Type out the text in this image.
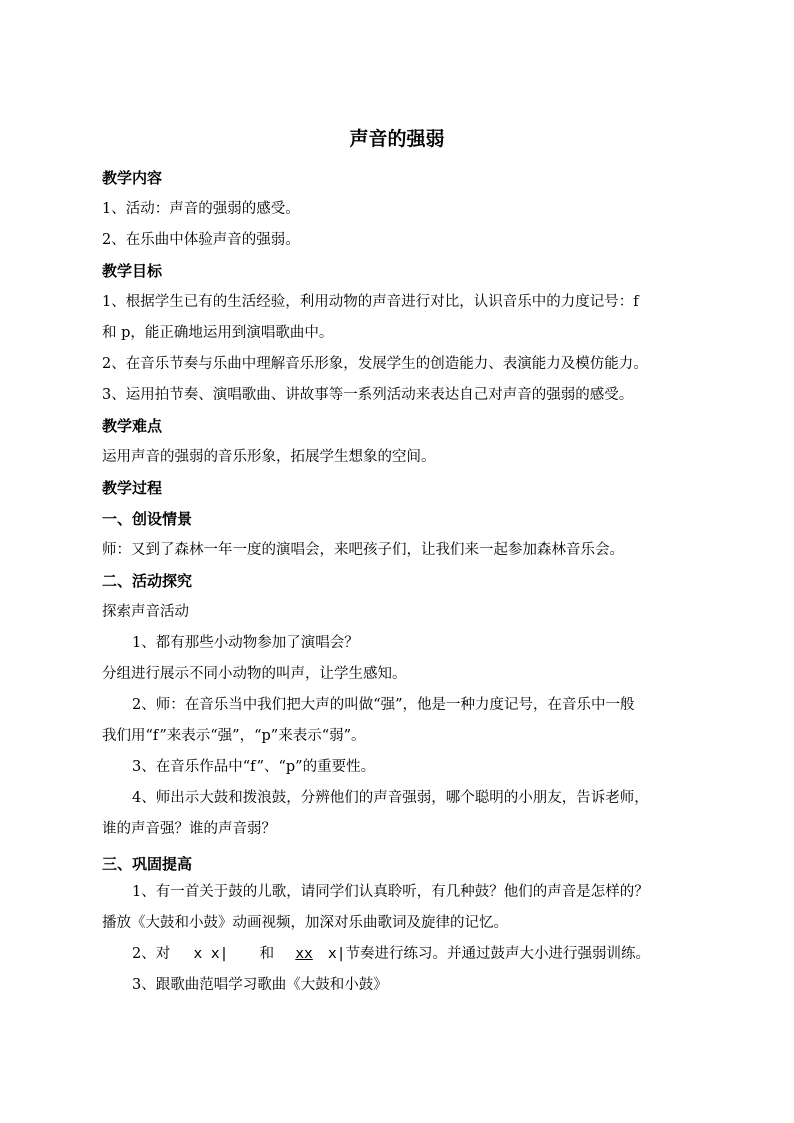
声音的强弱
教学内容
1、活动：声音的强弱的感受。
2、在乐曲中体验声音的强弱。
教学目标
1、根据学生已有的生活经验，利用动物的声音进行对比，认识音乐中的力度记号：f
和 p，能正确地运用到演唱歌曲中。
2、在音乐节奏与乐曲中理解音乐形象，发展学生的创造能力、表演能力及模仿能力。
3、运用拍节奏、演唱歌曲、讲故事等一系列活动来表达自己对声音的强弱的感受。
教学难点
运用声音的强弱的音乐形象，拓展学生想象的空间。
教学过程
一、创设情景
师：又到了森林一年一度的演唱会，来吧孩子们，让我们来一起参加森林音乐会。
二、活动探究
探索声音活动
1、都有那些小动物参加了演唱会？
分组进行展示不同小动物的叫声，让学生感知。
2、师：在音乐当中我们把大声的叫做“强”，他是一种力度记号，在音乐中一般
我们用“f”来表示“强”，“p”来表示“弱”。
3、在音乐作品中“f”、“p”的重要性。
4、师出示大鼓和拨浪鼓，分辨他们的声音强弱，哪个聪明的小朋友，告诉老师，
谁的声音强？谁的声音弱？
三、巩固提高
1、有一首关于鼓的儿歌，请同学们认真聆听，有几种鼓？他们的声音是怎样的？
播放《大鼓和小鼓》动画视频，加深对乐曲歌词及旋律的记忆。
2、对 x x| 和 xx x|节奏进行练习。并通过鼓声大小进行强弱训练。
3、跟歌曲范唱学习歌曲《大鼓和小鼓》
